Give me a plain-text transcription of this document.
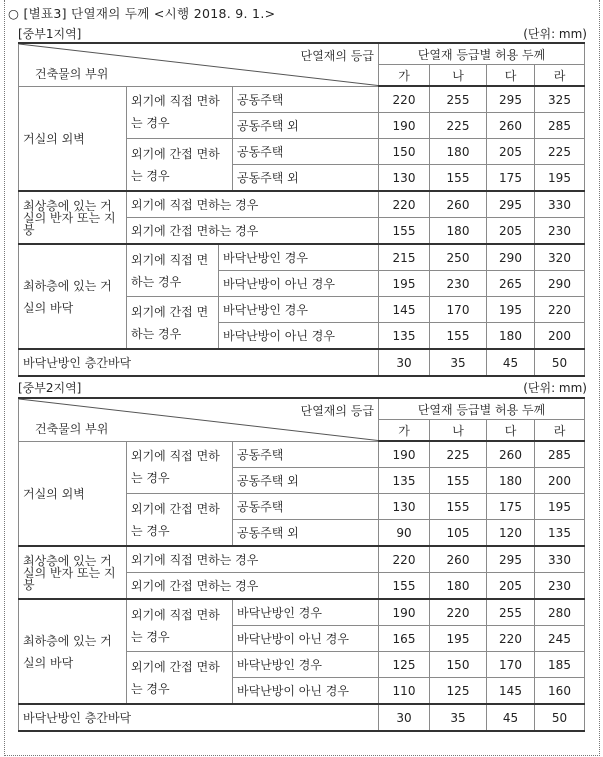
○ [별표3] 단열재의 두께 <시행 2018. 9. 1.>
[중부1지역]	(단위: mm)
단열재의 등급
건축물의 부위				단열재 등급별 허용 두께			
				가	나	다	라
거실의 외벽	외기에 직접 면하는 경우		공동주택	220	255	295	325
			공동주택 외	190	225	260	285
	외기에 간접 면하는 경우		공동주택	150	180	205	225
			공동주택 외	130	155	175	195
최상층에 있는 거실의 반자 또는 지붕	외기에 직접 면하는 경우			220	260	295	330
	외기에 간접 면하는 경우			155	180	205	230
최하층에 있는 거실의 바닥	외기에 직접 면하는 경우	바닥난방인 경우		215	250	290	320
		바닥난방이 아닌 경우		195	230	265	290
	외기에 간접 면하는 경우	바닥난방인 경우		145	170	195	220
		바닥난방이 아닌 경우		135	155	180	200
바닥난방인 층간바닥				30	35	45	50
[중부2지역]	(단위: mm)
단열재의 등급
건축물의 부위			단열재 등급별 허용 두께			
			가	나	다	라
거실의 외벽	외기에 직접 면하는 경우	공동주택	190	225	260	285
		공동주택 외	135	155	180	200
	외기에 간접 면하는 경우	공동주택	130	155	175	195
		공동주택 외	90	105	120	135
최상층에 있는 거실의 반자 또는 지붕	외기에 직접 면하는 경우		220	260	295	330
	외기에 간접 면하는 경우		155	180	205	230
최하층에 있는 거실의 바닥	외기에 직접 면하는 경우	바닥난방인 경우	190	220	255	280
		바닥난방이 아닌 경우	165	195	220	245
	외기에 간접 면하는 경우	바닥난방인 경우	125	150	170	185
		바닥난방이 아닌 경우	110	125	145	160
바닥난방인 층간바닥			30	35	45	50
